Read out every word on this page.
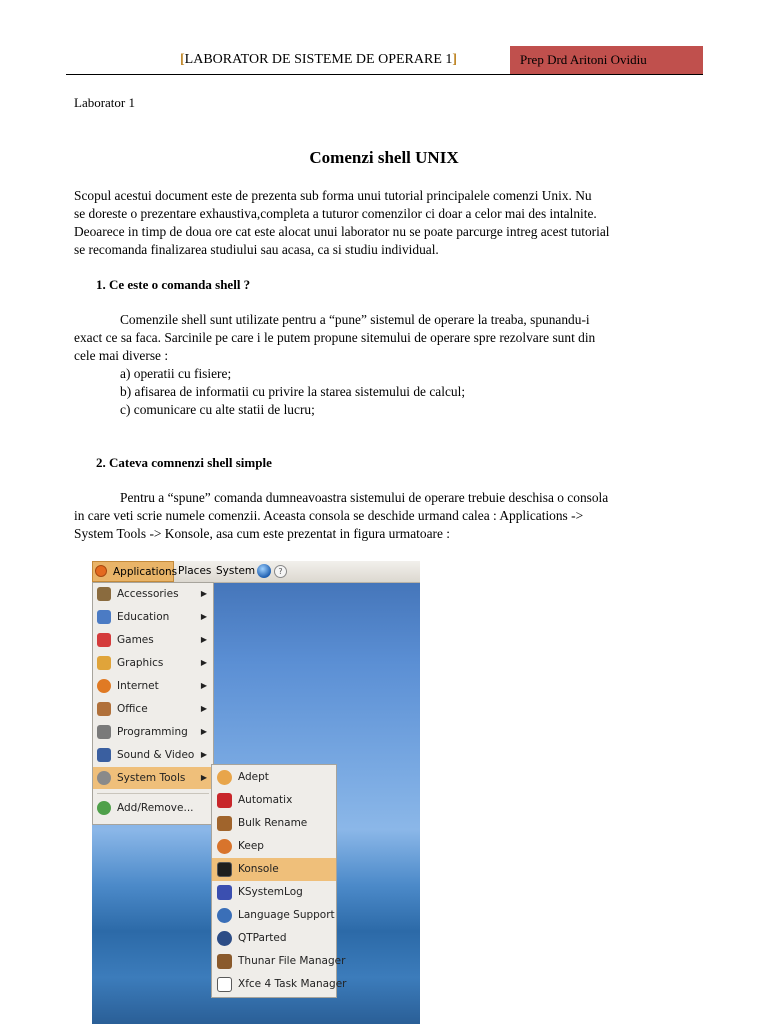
[LABORATOR DE SISTEME DE OPERARE 1]	Prep Drd Aritoni Ovidiu
Laborator 1
Comenzi shell UNIX
Scopul acestui document este de prezenta sub forma unui tutorial principalele comenzi Unix. Nu
se doreste o prezentare exhaustiva,completa a tuturor comenzilor ci doar a celor mai des intalnite.
Deoarece in timp de doua ore cat este alocat unui laborator nu se poate parcurge intreg acest tutorial
se recomanda finalizarea studiului sau acasa, ca si studiu individual.
1. Ce este o comanda shell ?
Comenzile shell sunt utilizate pentru a “pune” sistemul de operare la treaba, spunandu-i
exact ce sa faca. Sarcinile pe care i le putem propune sitemului de operare spre rezolvare sunt din
cele mai diverse :
a) operatii cu fisiere;
b) afisarea de informatii cu privire la starea sistemului de calcul;
c) comunicare cu alte statii de lucru;
2. Cateva comnenzi shell simple
Pentru a “spune” comanda dumneavoastra sistemului de operare trebuie deschisa o consola
in care veti scrie numele comenzii. Aceasta consola se deschide urmand calea : Applications ->
System Tools -> Konsole, asa cum este prezentat in figura urmatoare :
Applications Places System	?
Accessories	▶
Education	▶
Games	▶
Graphics	▶
Internet	▶
Office	▶
Programming ▶
Sound & Video ▶
System Tools ▶
Add/Remove...
Adept
Automatix
Bulk Rename
Keep
Konsole
KSystemLog
Language Support
QTParted
Thunar File Manager
Xfce 4 Task Manager
